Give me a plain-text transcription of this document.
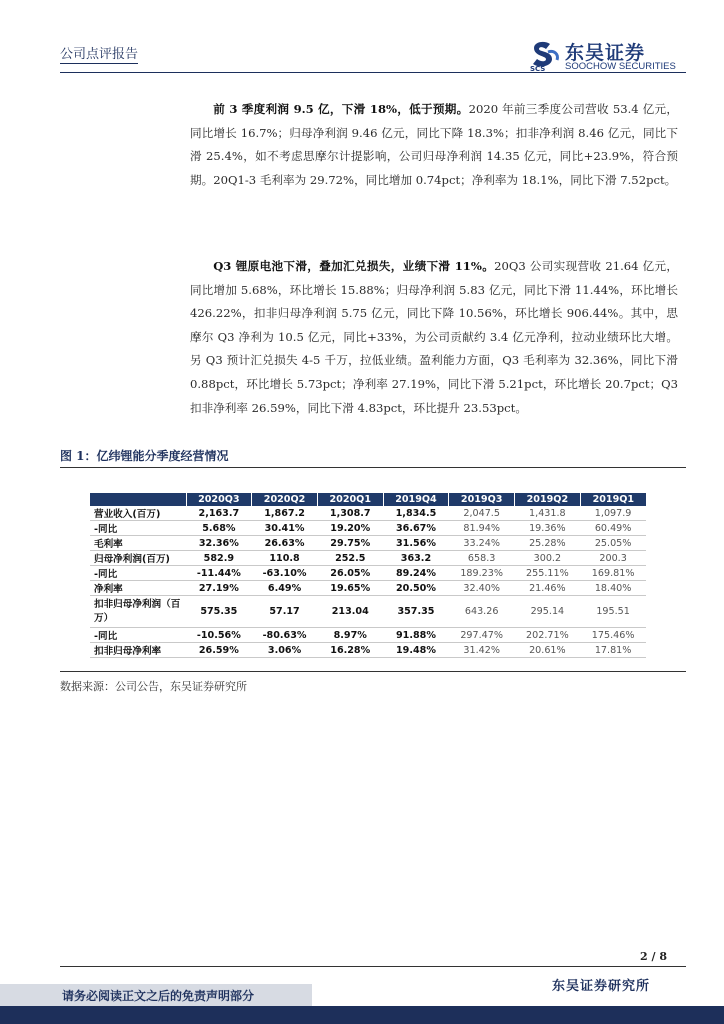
公司点评报告
SCS
东吴证券
SOOCHOW SECURITIES
前 3 季度利润 9.5 亿，下滑 18%，低于预期。2020 年前三季度公司营收 53.4 亿元，同比增长 16.7%；归母净利润 9.46 亿元，同比下降 18.3%；扣非净利润 8.46 亿元，同比下滑 25.4%，如不考虑思摩尔计提影响，公司归母净利润 14.35 亿元，同比+23.9%，符合预期。20Q1-3 毛利率为 29.72%，同比增加 0.74pct；净利率为 18.1%，同比下滑 7.52pct。
Q3 锂原电池下滑，叠加汇兑损失，业绩下滑 11%。20Q3 公司实现营收 21.64 亿元，同比增加 5.68%，环比增长 15.88%；归母净利润 5.83 亿元，同比下滑 11.44%，环比增长 426.22%，扣非归母净利润 5.75 亿元，同比下降 10.56%，环比增长 906.44%。其中，思摩尔 Q3 净利为 10.5 亿元，同比+33%，为公司贡献约 3.4 亿元净利，拉动业绩环比大增。另 Q3 预计汇兑损失 4-5 千万，拉低业绩。盈利能力方面，Q3 毛利率为 32.36%，同比下滑 0.88pct，环比增长 5.73pct；净利率 27.19%，同比下滑 5.21pct，环比增长 20.7pct；Q3 扣非净利率 26.59%，同比下滑 4.83pct，环比提升 23.53pct。
图 1：亿纬锂能分季度经营情况
	2020Q3	2020Q2	2020Q1	2019Q4	2019Q3	2019Q2	2019Q1
营业收入(百万)	2,163.7	1,867.2	1,308.7	1,834.5	2,047.5	1,431.8	1,097.9
-同比	5.68%	30.41%	19.20%	36.67%	81.94%	19.36%	60.49%
毛利率	32.36%	26.63%	29.75%	31.56%	33.24%	25.28%	25.05%
归母净利润(百万)	582.9	110.8	252.5	363.2	658.3	300.2	200.3
-同比	-11.44%	-63.10%	26.05%	89.24%	189.23%	255.11%	169.81%
净利率	27.19%	6.49%	19.65%	20.50%	32.40%	21.46%	18.40%
扣非归母净利润（百万）	575.35	57.17	213.04	357.35	643.26	295.14	195.51
-同比	-10.56%	-80.63%	8.97%	91.88%	297.47%	202.71%	175.46%
扣非归母净利率	26.59%	3.06%	16.28%	19.48%	31.42%	20.61%	17.81%
数据来源：公司公告，东吴证券研究所
2 / 8
请务必阅读正文之后的免责声明部分
东吴证券研究所
